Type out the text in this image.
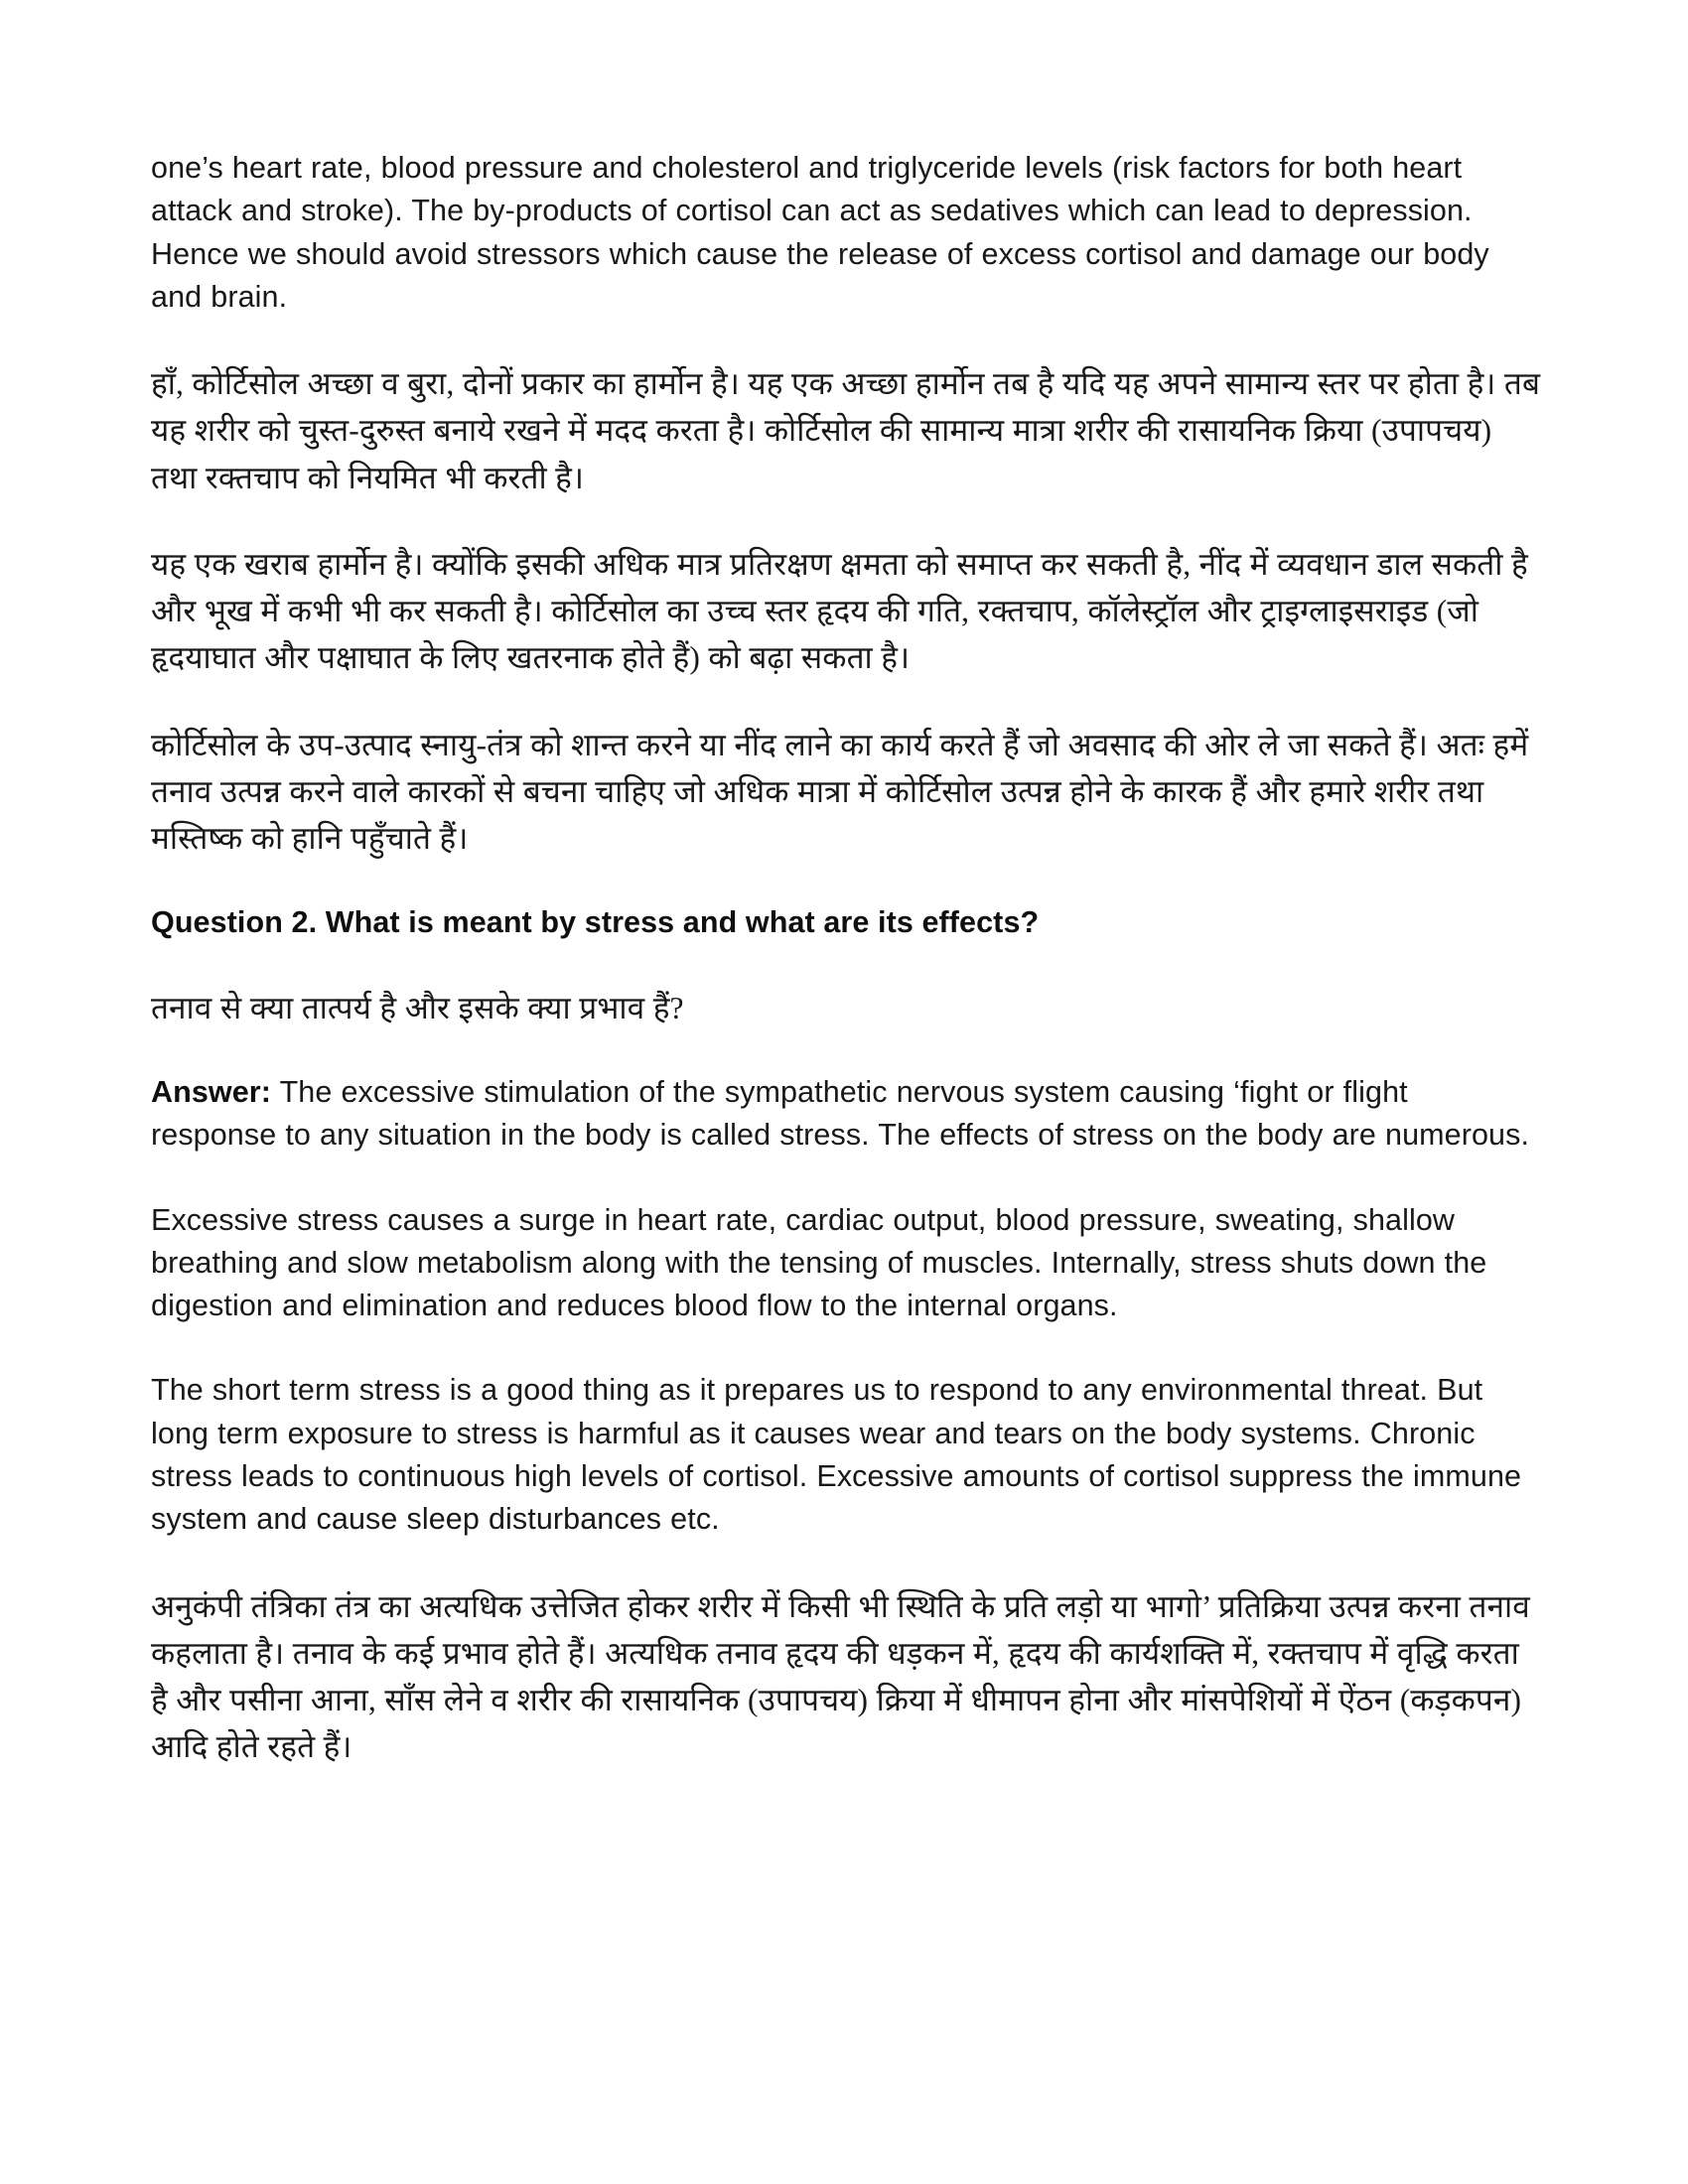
one’s heart rate, blood pressure and cholesterol and triglyceride levels (risk factors for both heart attack and stroke). The by-products of cortisol can act as sedatives which can lead to depression. Hence we should avoid stressors which cause the release of excess cortisol and damage our body and brain.

हाँ, कोर्टिसोल अच्छा व बुरा, दोनों प्रकार का हार्मोन है। यह एक अच्छा हार्मोन तब है यदि यह अपने सामान्य स्तर पर होता है। तब यह शरीर को चुस्त-दुरुस्त बनाये रखने में मदद करता है। कोर्टिसोल की सामान्य मात्रा शरीर की रासायनिक क्रिया (उपापचय) तथा रक्तचाप को नियमित भी करती है।

यह एक खराब हार्मोन है। क्योंकि इसकी अधिक मात्र प्रतिरक्षण क्षमता को समाप्त कर सकती है, नींद में व्यवधान डाल सकती है और भूख में कभी भी कर सकती है। कोर्टिसोल का उच्च स्तर हृदय की गति, रक्तचाप, कॉलेस्ट्रॉल और ट्राइग्लाइसराइड (जो हृदयाघात और पक्षाघात के लिए खतरनाक होते हैं) को बढ़ा सकता है।

कोर्टिसोल के उप-उत्पाद स्नायु-तंत्र को शान्त करने या नींद लाने का कार्य करते हैं जो अवसाद की ओर ले जा सकते हैं। अतः हमें तनाव उत्पन्न करने वाले कारकों से बचना चाहिए जो अधिक मात्रा में कोर्टिसोल उत्पन्न होने के कारक हैं और हमारे शरीर तथा मस्तिष्क को हानि पहुँचाते हैं।

Question 2. What is meant by stress and what are its effects?

तनाव से क्या तात्पर्य है और इसके क्या प्रभाव हैं?

Answer: The excessive stimulation of the sympathetic nervous system causing ‘fight or flight response to any situation in the body is called stress. The effects of stress on the body are numerous.

Excessive stress causes a surge in heart rate, cardiac output, blood pressure, sweating, shallow breathing and slow metabolism along with the tensing of muscles. Internally, stress shuts down the digestion and elimination and reduces blood flow to the internal organs.

The short term stress is a good thing as it prepares us to respond to any environmental threat. But long term exposure to stress is harmful as it causes wear and tears on the body systems. Chronic stress leads to continuous high levels of cortisol. Excessive amounts of cortisol suppress the immune system and cause sleep disturbances etc.

अनुकंपी तंत्रिका तंत्र का अत्यधिक उत्तेजित होकर शरीर में किसी भी स्थिति के प्रति लड़ो या भागो’ प्रतिक्रिया उत्पन्न करना तनाव कहलाता है। तनाव के कई प्रभाव होते हैं। अत्यधिक तनाव हृदय की धड़कन में, हृदय की कार्यशक्ति में, रक्तचाप में वृद्धि करता है और पसीना आना, साँस लेने व शरीर की रासायनिक (उपापचय) क्रिया में धीमापन होना और मांसपेशियों में ऐंठन (कड़कपन) आदि होते रहते हैं।
